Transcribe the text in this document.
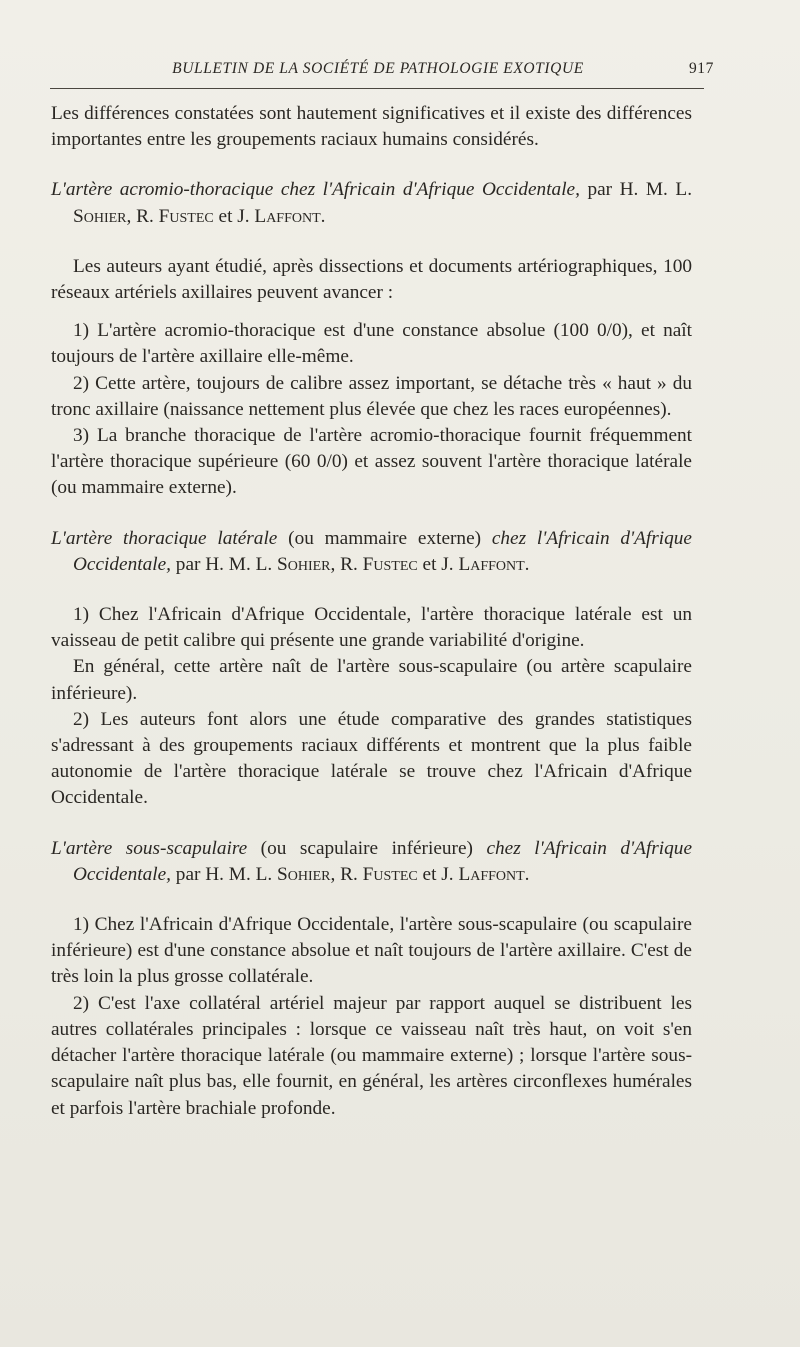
BULLETIN DE LA SOCIÉTÉ DE PATHOLOGIE EXOTIQUE	917

Les différences constatées sont hautement significatives et il existe des différences importantes entre les groupements raciaux humains considérés.

L'artère acromio-thoracique chez l'Africain d'Afrique Occidentale, par H. M. L. Sohier, R. Fustec et J. Laffont.

Les auteurs ayant étudié, après dissections et documents artériographiques, 100 réseaux artériels axillaires peuvent avancer :

1) L'artère acromio-thoracique est d'une constance absolue (100 0/0), et naît toujours de l'artère axillaire elle-même.

2) Cette artère, toujours de calibre assez important, se détache très « haut » du tronc axillaire (naissance nettement plus élevée que chez les races européennes).

3) La branche thoracique de l'artère acromio-thoracique fournit fréquemment l'artère thoracique supérieure (60 0/0) et assez souvent l'artère thoracique latérale (ou mammaire externe).

L'artère thoracique latérale (ou mammaire externe) chez l'Africain d'Afrique Occidentale, par H. M. L. Sohier, R. Fustec et J. Laffont.

1) Chez l'Africain d'Afrique Occidentale, l'artère thoracique latérale est un vaisseau de petit calibre qui présente une grande variabilité d'origine.

En général, cette artère naît de l'artère sous-scapulaire (ou artère scapulaire inférieure).

2) Les auteurs font alors une étude comparative des grandes statistiques s'adressant à des groupements raciaux différents et montrent que la plus faible autonomie de l'artère thoracique latérale se trouve chez l'Africain d'Afrique Occidentale.

L'artère sous-scapulaire (ou scapulaire inférieure) chez l'Africain d'Afrique Occidentale, par H. M. L. Sohier, R. Fustec et J. Laffont.

1) Chez l'Africain d'Afrique Occidentale, l'artère sous-scapulaire (ou scapulaire inférieure) est d'une constance absolue et naît toujours de l'artère axillaire. C'est de très loin la plus grosse collatérale.

2) C'est l'axe collatéral artériel majeur par rapport auquel se distribuent les autres collatérales principales : lorsque ce vaisseau naît très haut, on voit s'en détacher l'artère thoracique latérale (ou mammaire externe) ; lorsque l'artère sous-scapulaire naît plus bas, elle fournit, en général, les artères circonflexes humérales et parfois l'artère brachiale profonde.
